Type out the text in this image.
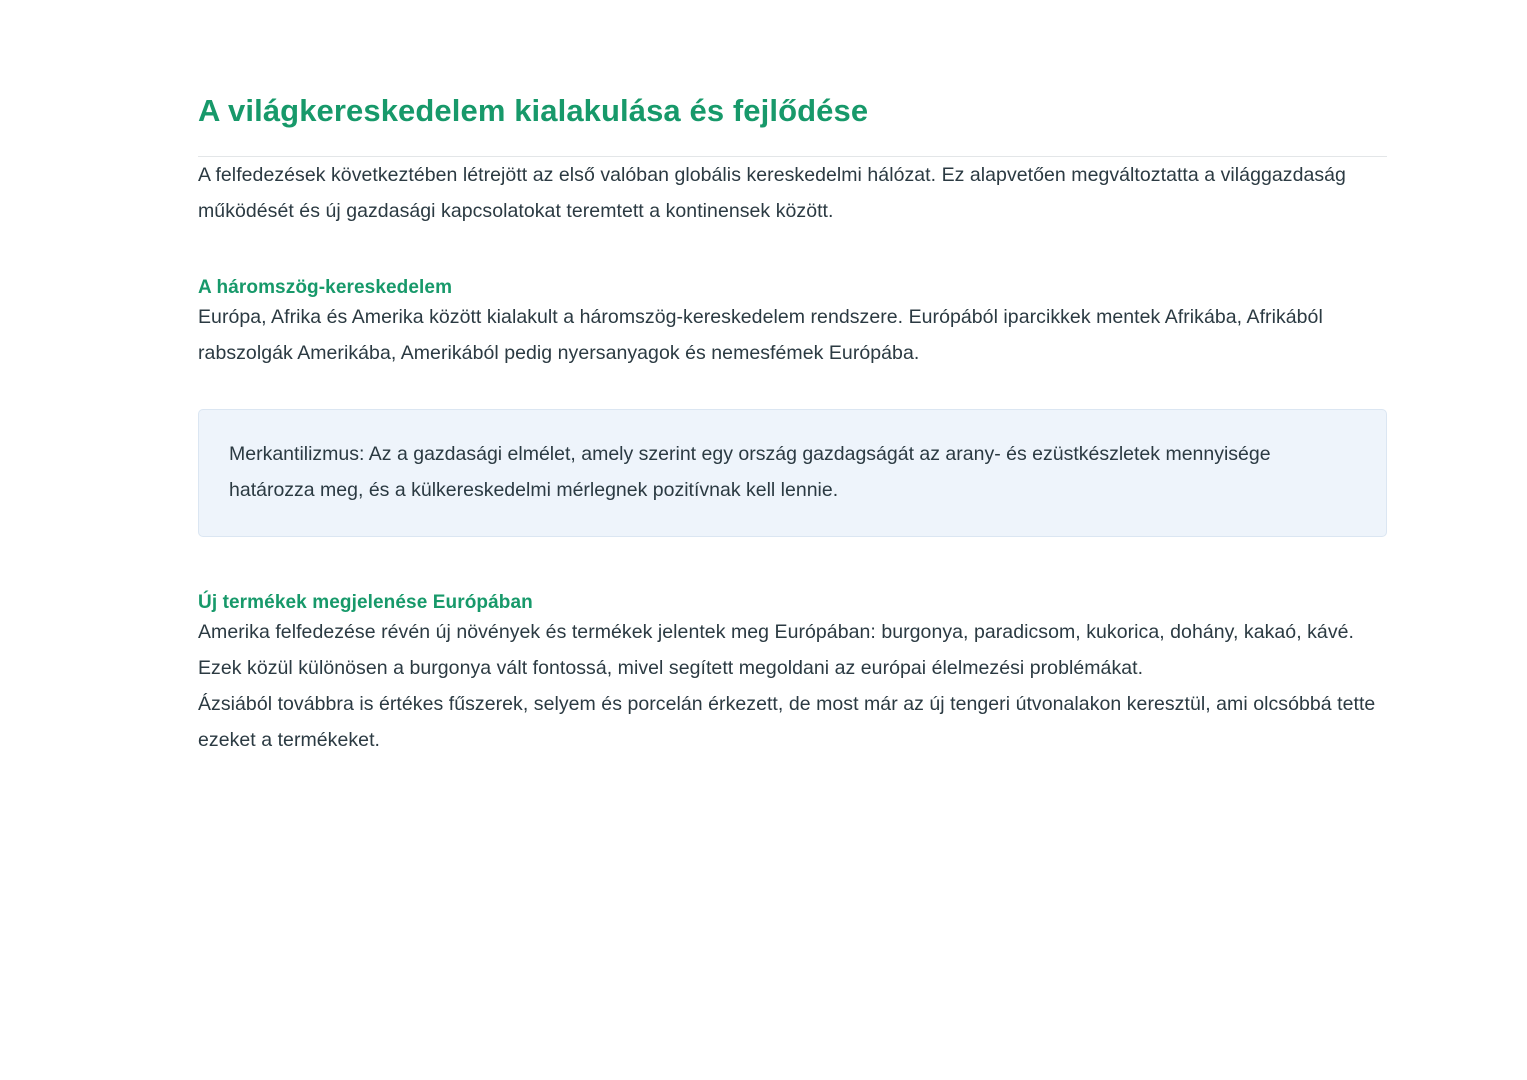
A világkereskedelem kialakulása és fejlődése

A felfedezések következtében létrejött az első valóban globális kereskedelmi hálózat. Ez alapvetően megváltoztatta a világgazdaság működését és új gazdasági kapcsolatokat teremtett a kontinensek között.

A háromszög-kereskedelem

Európa, Afrika és Amerika között kialakult a háromszög-kereskedelem rendszere. Európából iparcikkek mentek Afrikába, Afrikából rabszolgák Amerikába, Amerikából pedig nyersanyagok és nemesfémek Európába.

Merkantilizmus: Az a gazdasági elmélet, amely szerint egy ország gazdagságát az arany- és ezüstkészletek mennyisége határozza meg, és a külkereskedelmi mérlegnek pozitívnak kell lennie.

Új termékek megjelenése Európában

Amerika felfedezése révén új növények és termékek jelentek meg Európában: burgonya, paradicsom, kukorica, dohány, kakaó, kávé. Ezek közül különösen a burgonya vált fontossá, mivel segített megoldani az európai élelmezési problémákat.

Ázsiából továbbra is értékes fűszerek, selyem és porcelán érkezett, de most már az új tengeri útvonalakon keresztül, ami olcsóbbá tette ezeket a termékeket.
